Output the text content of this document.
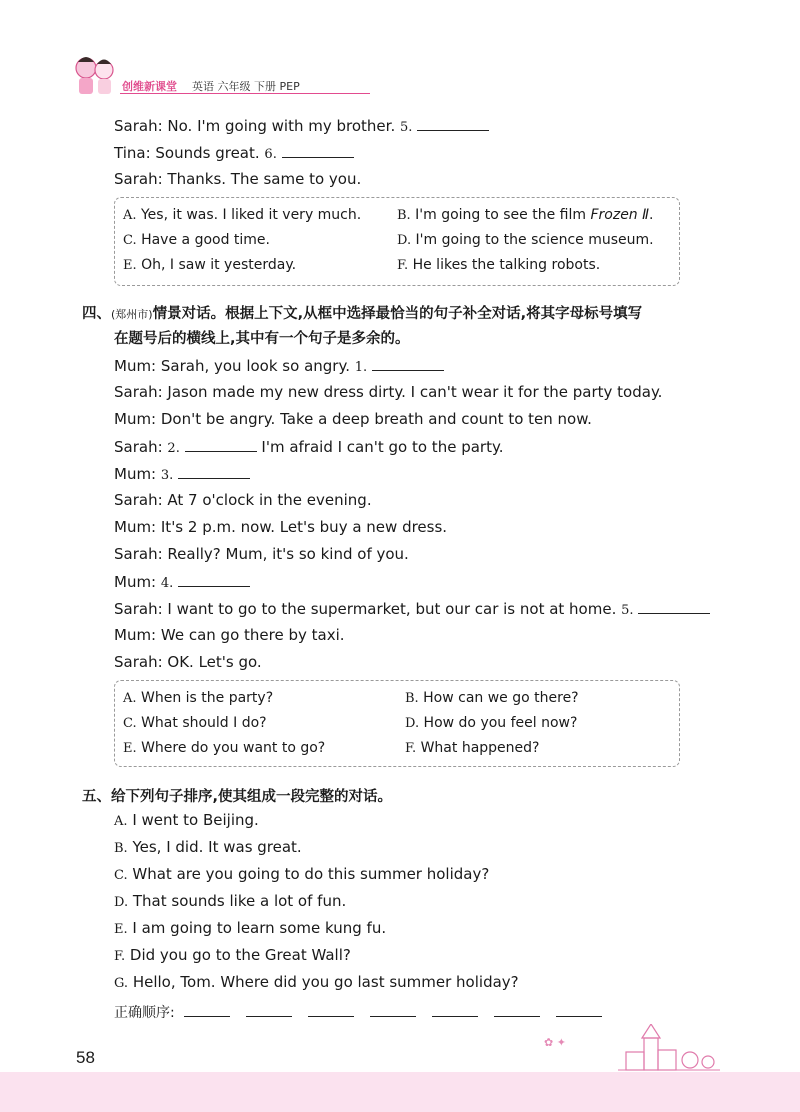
创维新课堂 英语 六年级 下册 PEP
Sarah: No. I'm going with my brother. 5.
Tina: Sounds great. 6.
Sarah: Thanks. The same to you.
A. Yes, it was. I liked it very much.	B. I'm going to see the film Frozen Ⅱ.
C. Have a good time.	D. I'm going to the science museum.
E. Oh, I saw it yesterday.	F. He likes the talking robots.
四、(郑州市)情景对话。根据上下文,从框中选择最恰当的句子补全对话,将其字母标号填写
在题号后的横线上,其中有一个句子是多余的。
Mum: Sarah, you look so angry. 1.
Sarah: Jason made my new dress dirty. I can't wear it for the party today.
Mum: Don't be angry. Take a deep breath and count to ten now.
Sarah: 2.	I'm afraid I can't go to the party.
Mum: 3.
Sarah: At 7 o'clock in the evening.
Mum: It's 2 p.m. now. Let's buy a new dress.
Sarah: Really? Mum, it's so kind of you.
Mum: 4.
Sarah: I want to go to the supermarket, but our car is not at home. 5.
Mum: We can go there by taxi.
Sarah: OK. Let's go.
A. When is the party?	B. How can we go there?
C. What should I do?	D. How do you feel now?
E. Where do you want to go?	F. What happened?
五、给下列句子排序,使其组成一段完整的对话。
A. I went to Beijing.
B. Yes, I did. It was great.
C. What are you going to do this summer holiday?
D. That sounds like a lot of fun.
E. I am going to learn some kung fu.
F. Did you go to the Great Wall?
G. Hello, Tom. Where did you go last summer holiday?
正确顺序:
✿ ✦
58
